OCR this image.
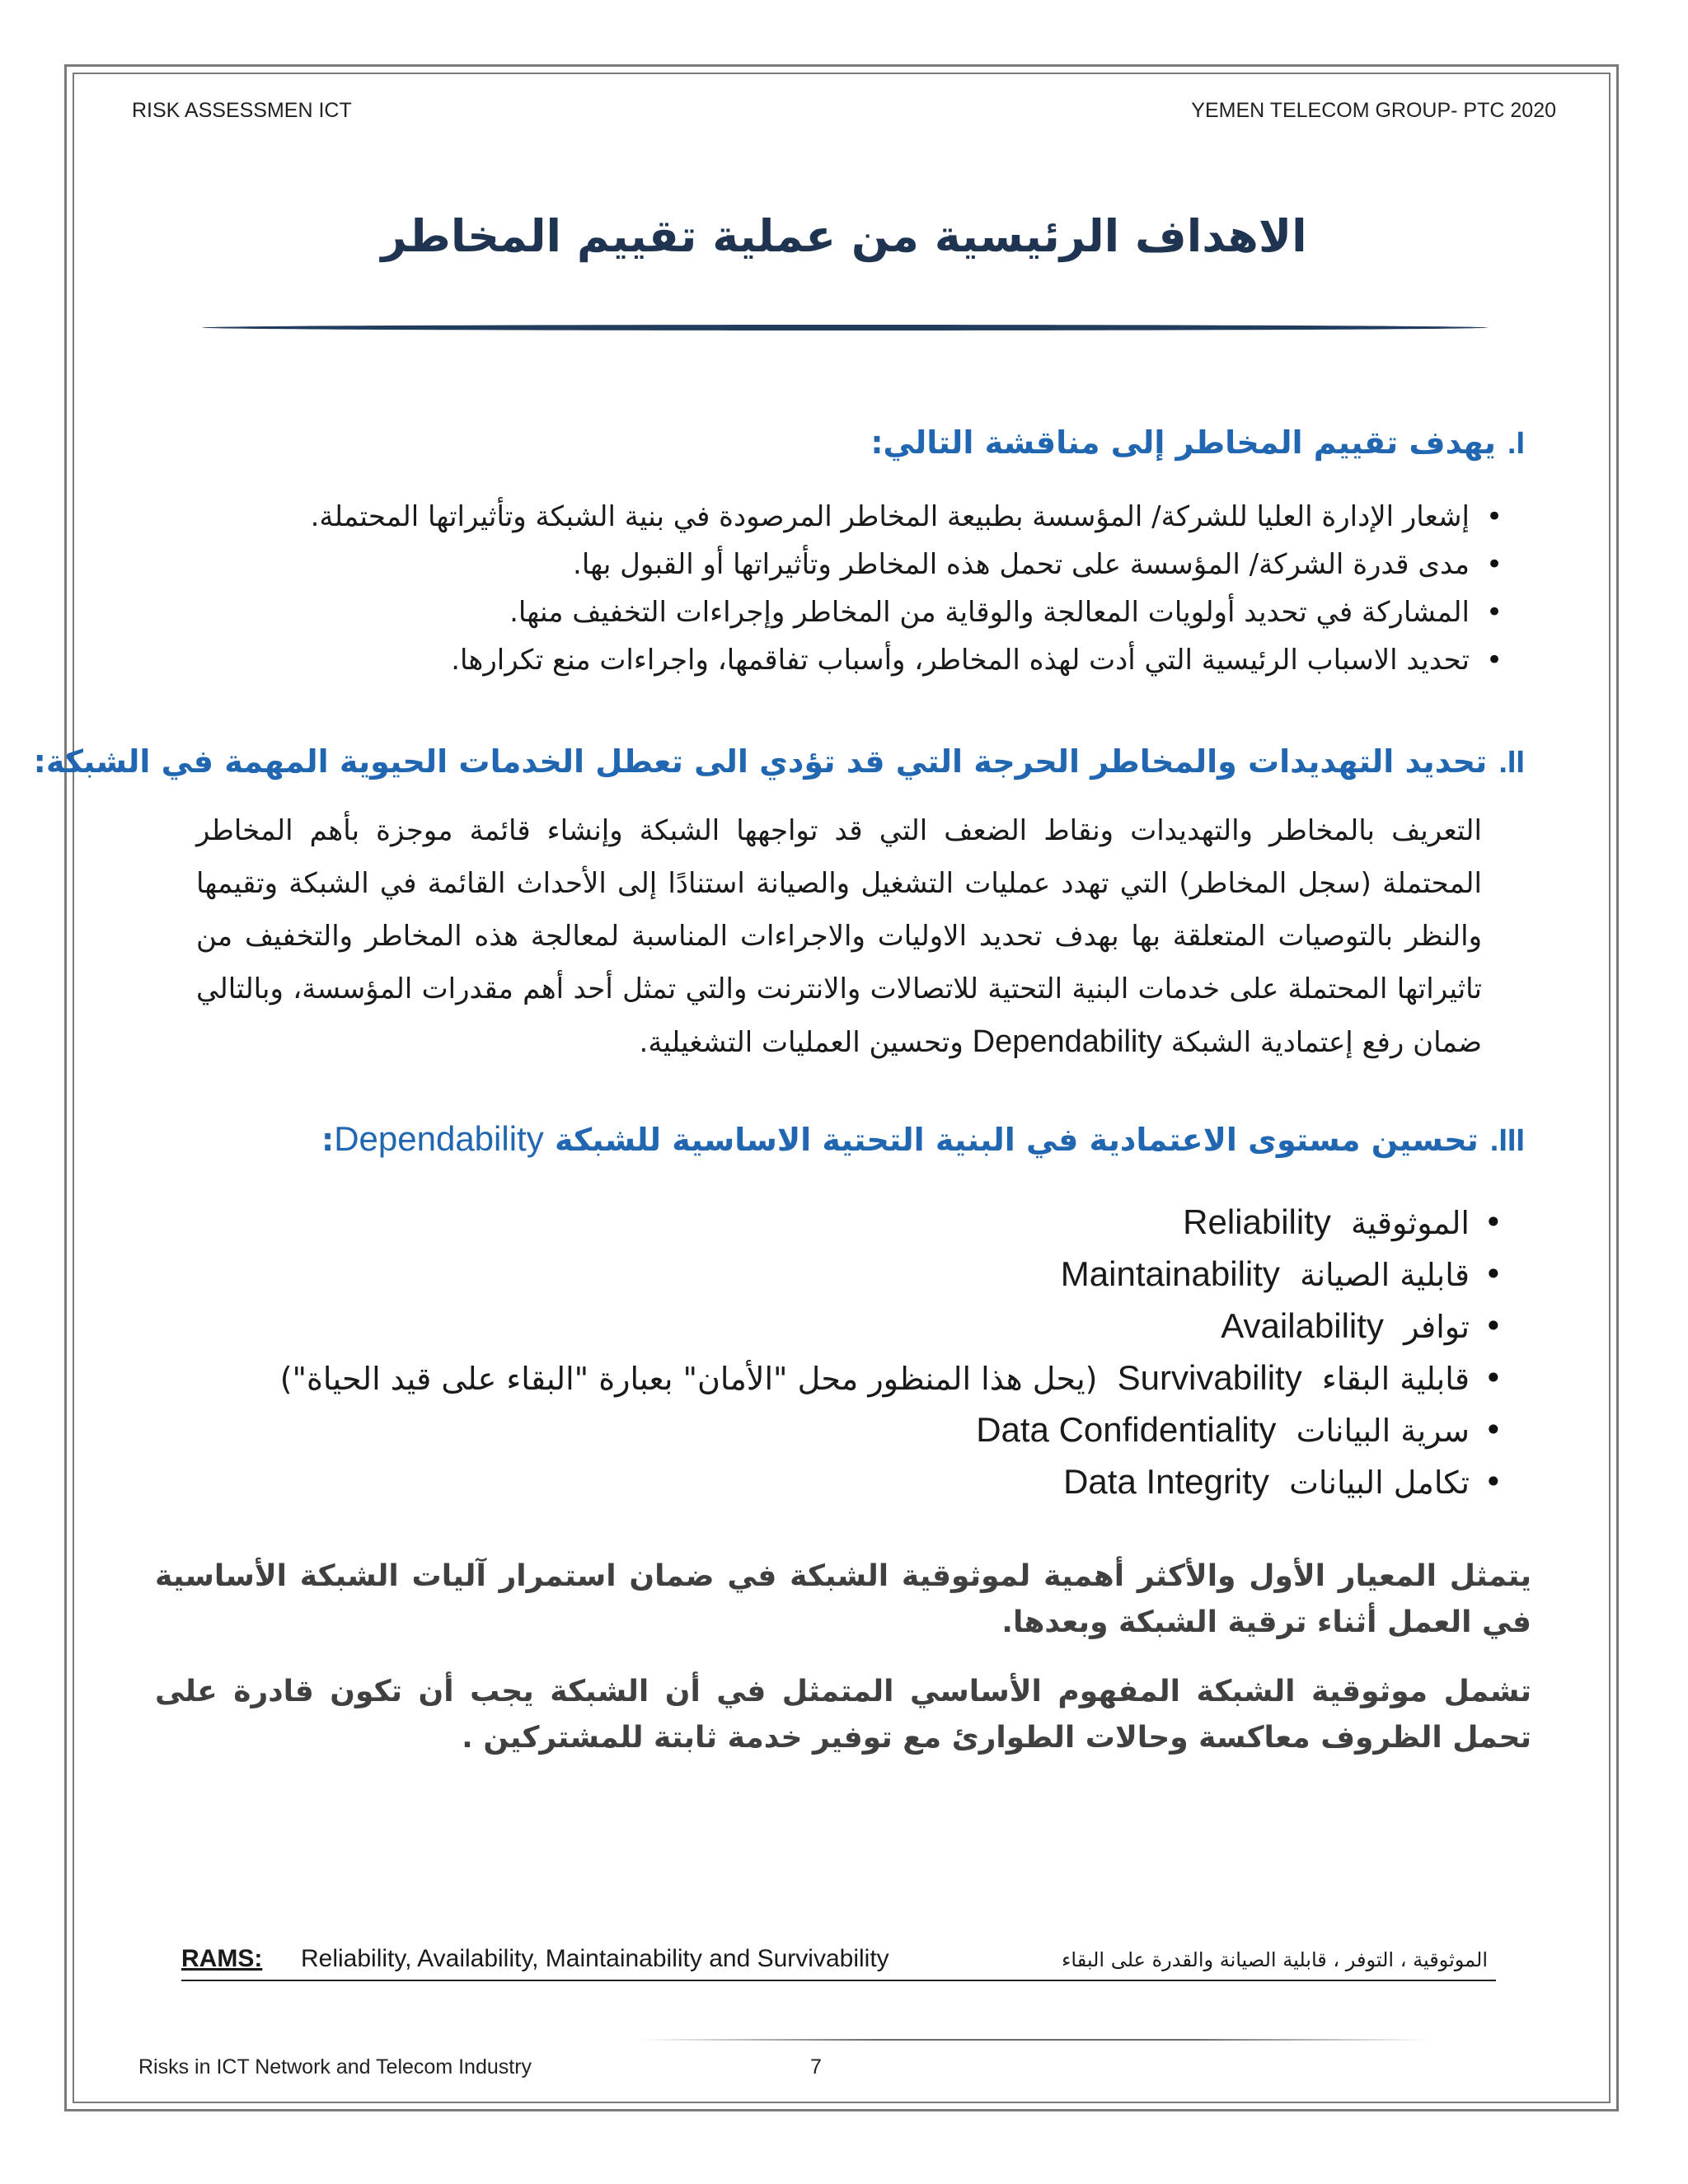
RISK ASSESSMEN ICT	YEMEN TELECOM GROUP- PTC 2020
الاهداف الرئيسية من عملية تقييم المخاطر
I.يهدف تقييم المخاطر إلى مناقشة التالي:
• إشعار الإدارة العليا للشركة/ المؤسسة بطبيعة المخاطر المرصودة في بنية الشبكة وتأثيراتها المحتملة.
• مدى قدرة الشركة/ المؤسسة على تحمل هذه المخاطر وتأثيراتها أو القبول بها.
• المشاركة في تحديد أولويات المعالجة والوقاية من المخاطر وإجراءات التخفيف منها.
• تحديد الاسباب الرئيسية التي أدت لهذه المخاطر، وأسباب تفاقمها، واجراءات منع تكرارها.
II.تحديد التهديدات والمخاطر الحرجة التي قد تؤدي الى تعطل الخدمات الحيوية المهمة في الشبكة:
التعريف بالمخاطر والتهديدات ونقاط الضعف التي قد تواجهها الشبكة وإنشاء قائمة موجزة بأهم المخاطر المحتملة (سجل المخاطر) التي تهدد عمليات التشغيل والصيانة استنادًا إلى الأحداث القائمة في الشبكة وتقيمها والنظر بالتوصيات المتعلقة بها بهدف تحديد الاوليات والاجراءات المناسبة لمعالجة هذه المخاطر والتخفيف من تاثيراتها المحتملة على خدمات البنية التحتية للاتصالات والانترنت والتي تمثل أحد أهم مقدرات المؤسسة، وبالتالي ضمان رفع إعتمادية الشبكة Dependability وتحسين العمليات التشغيلية.
III.تحسين مستوى الاعتمادية في البنية التحتية الاساسية للشبكة Dependability:
• الموثوقية  Reliability
• قابلية الصيانة  Maintainability
• توافر  Availability
• قابلية البقاء  Survivability  (يحل هذا المنظور محل "الأمان" بعبارة "البقاء على قيد الحياة")
• سرية البيانات  Data Confidentiality
• تكامل البيانات  Data Integrity
يتمثل المعيار الأول والأكثر أهمية لموثوقية الشبكة في ضمان استمرار آليات الشبكة الأساسية في العمل أثناء ترقية الشبكة وبعدها.
تشمل موثوقية الشبكة المفهوم الأساسي المتمثل في أن الشبكة يجب أن تكون قادرة على تحمل الظروف معاكسة وحالات الطوارئ مع توفير خدمة ثابتة للمشتركين .
RAMS: Reliability, Availability, Maintainability and Survivability	الموثوقية ، التوفر ، قابلية الصيانة والقدرة على البقاء
Risks in ICT Network and Telecom Industry	7
